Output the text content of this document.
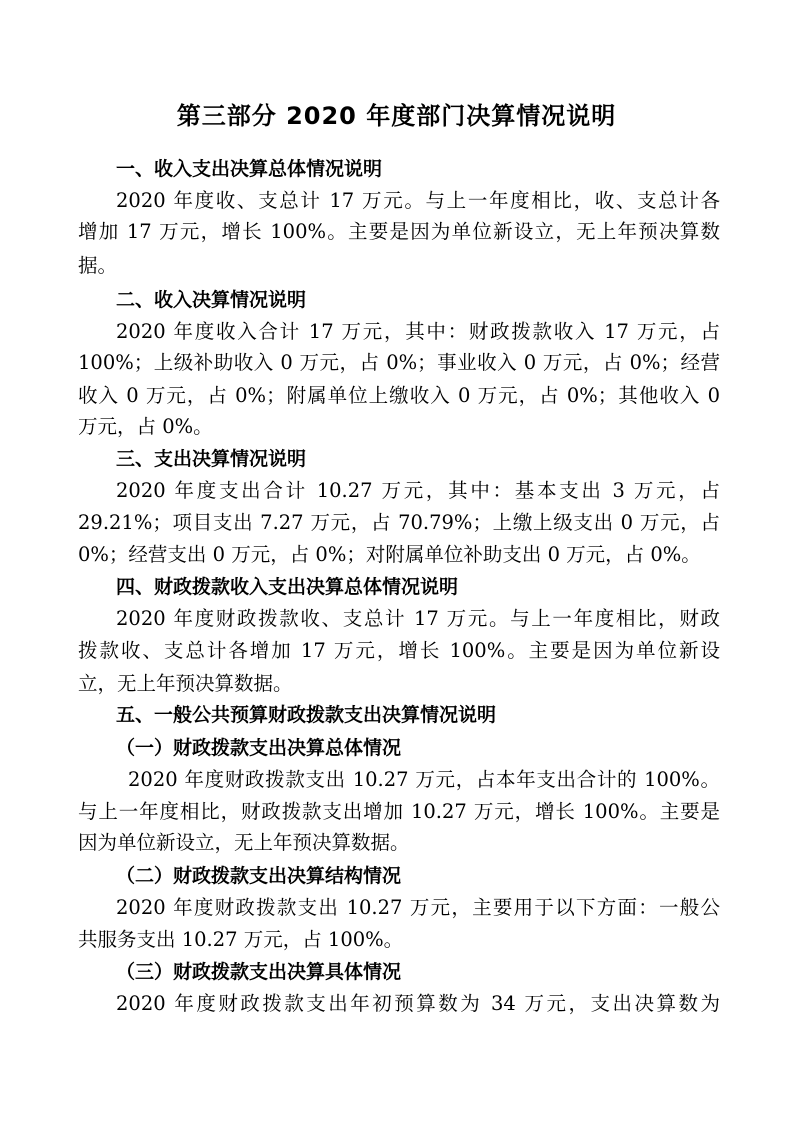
第三部分 2020 年度部门决算情况说明
一、收入支出决算总体情况说明
2020 年度收、支总计 17 万元。与上一年度相比，收、支总计各
增加 17 万元，增长 100%。主要是因为单位新设立，无上年预决算数
据。
二、收入决算情况说明
2020 年度收入合计 17 万元，其中：财政拨款收入 17 万元，占
100%；上级补助收入 0 万元，占 0%；事业收入 0 万元，占 0%；经营
收入 0 万元，占 0%；附属单位上缴收入 0 万元，占 0%；其他收入 0
万元，占 0%。
三、支出决算情况说明
2020 年度支出合计 10.27 万元，其中：基本支出 3 万元，占
29.21%；项目支出 7.27 万元，占 70.79%；上缴上级支出 0 万元，占
0%；经营支出 0 万元，占 0%；对附属单位补助支出 0 万元，占 0%。
四、财政拨款收入支出决算总体情况说明
2020 年度财政拨款收、支总计 17 万元。与上一年度相比，财政
拨款收、支总计各增加 17 万元，增长 100%。主要是因为单位新设
立，无上年预决算数据。
五、一般公共预算财政拨款支出决算情况说明
（一）财政拨款支出决算总体情况
2020 年度财政拨款支出 10.27 万元，占本年支出合计的 100%。
与上一年度相比，财政拨款支出增加 10.27 万元，增长 100%。主要是
因为单位新设立，无上年预决算数据。
（二）财政拨款支出决算结构情况
2020 年度财政拨款支出 10.27 万元，主要用于以下方面：一般公
共服务支出 10.27 万元，占 100%。
（三）财政拨款支出决算具体情况
2020 年度财政拨款支出年初预算数为 34 万元，支出决算数为
